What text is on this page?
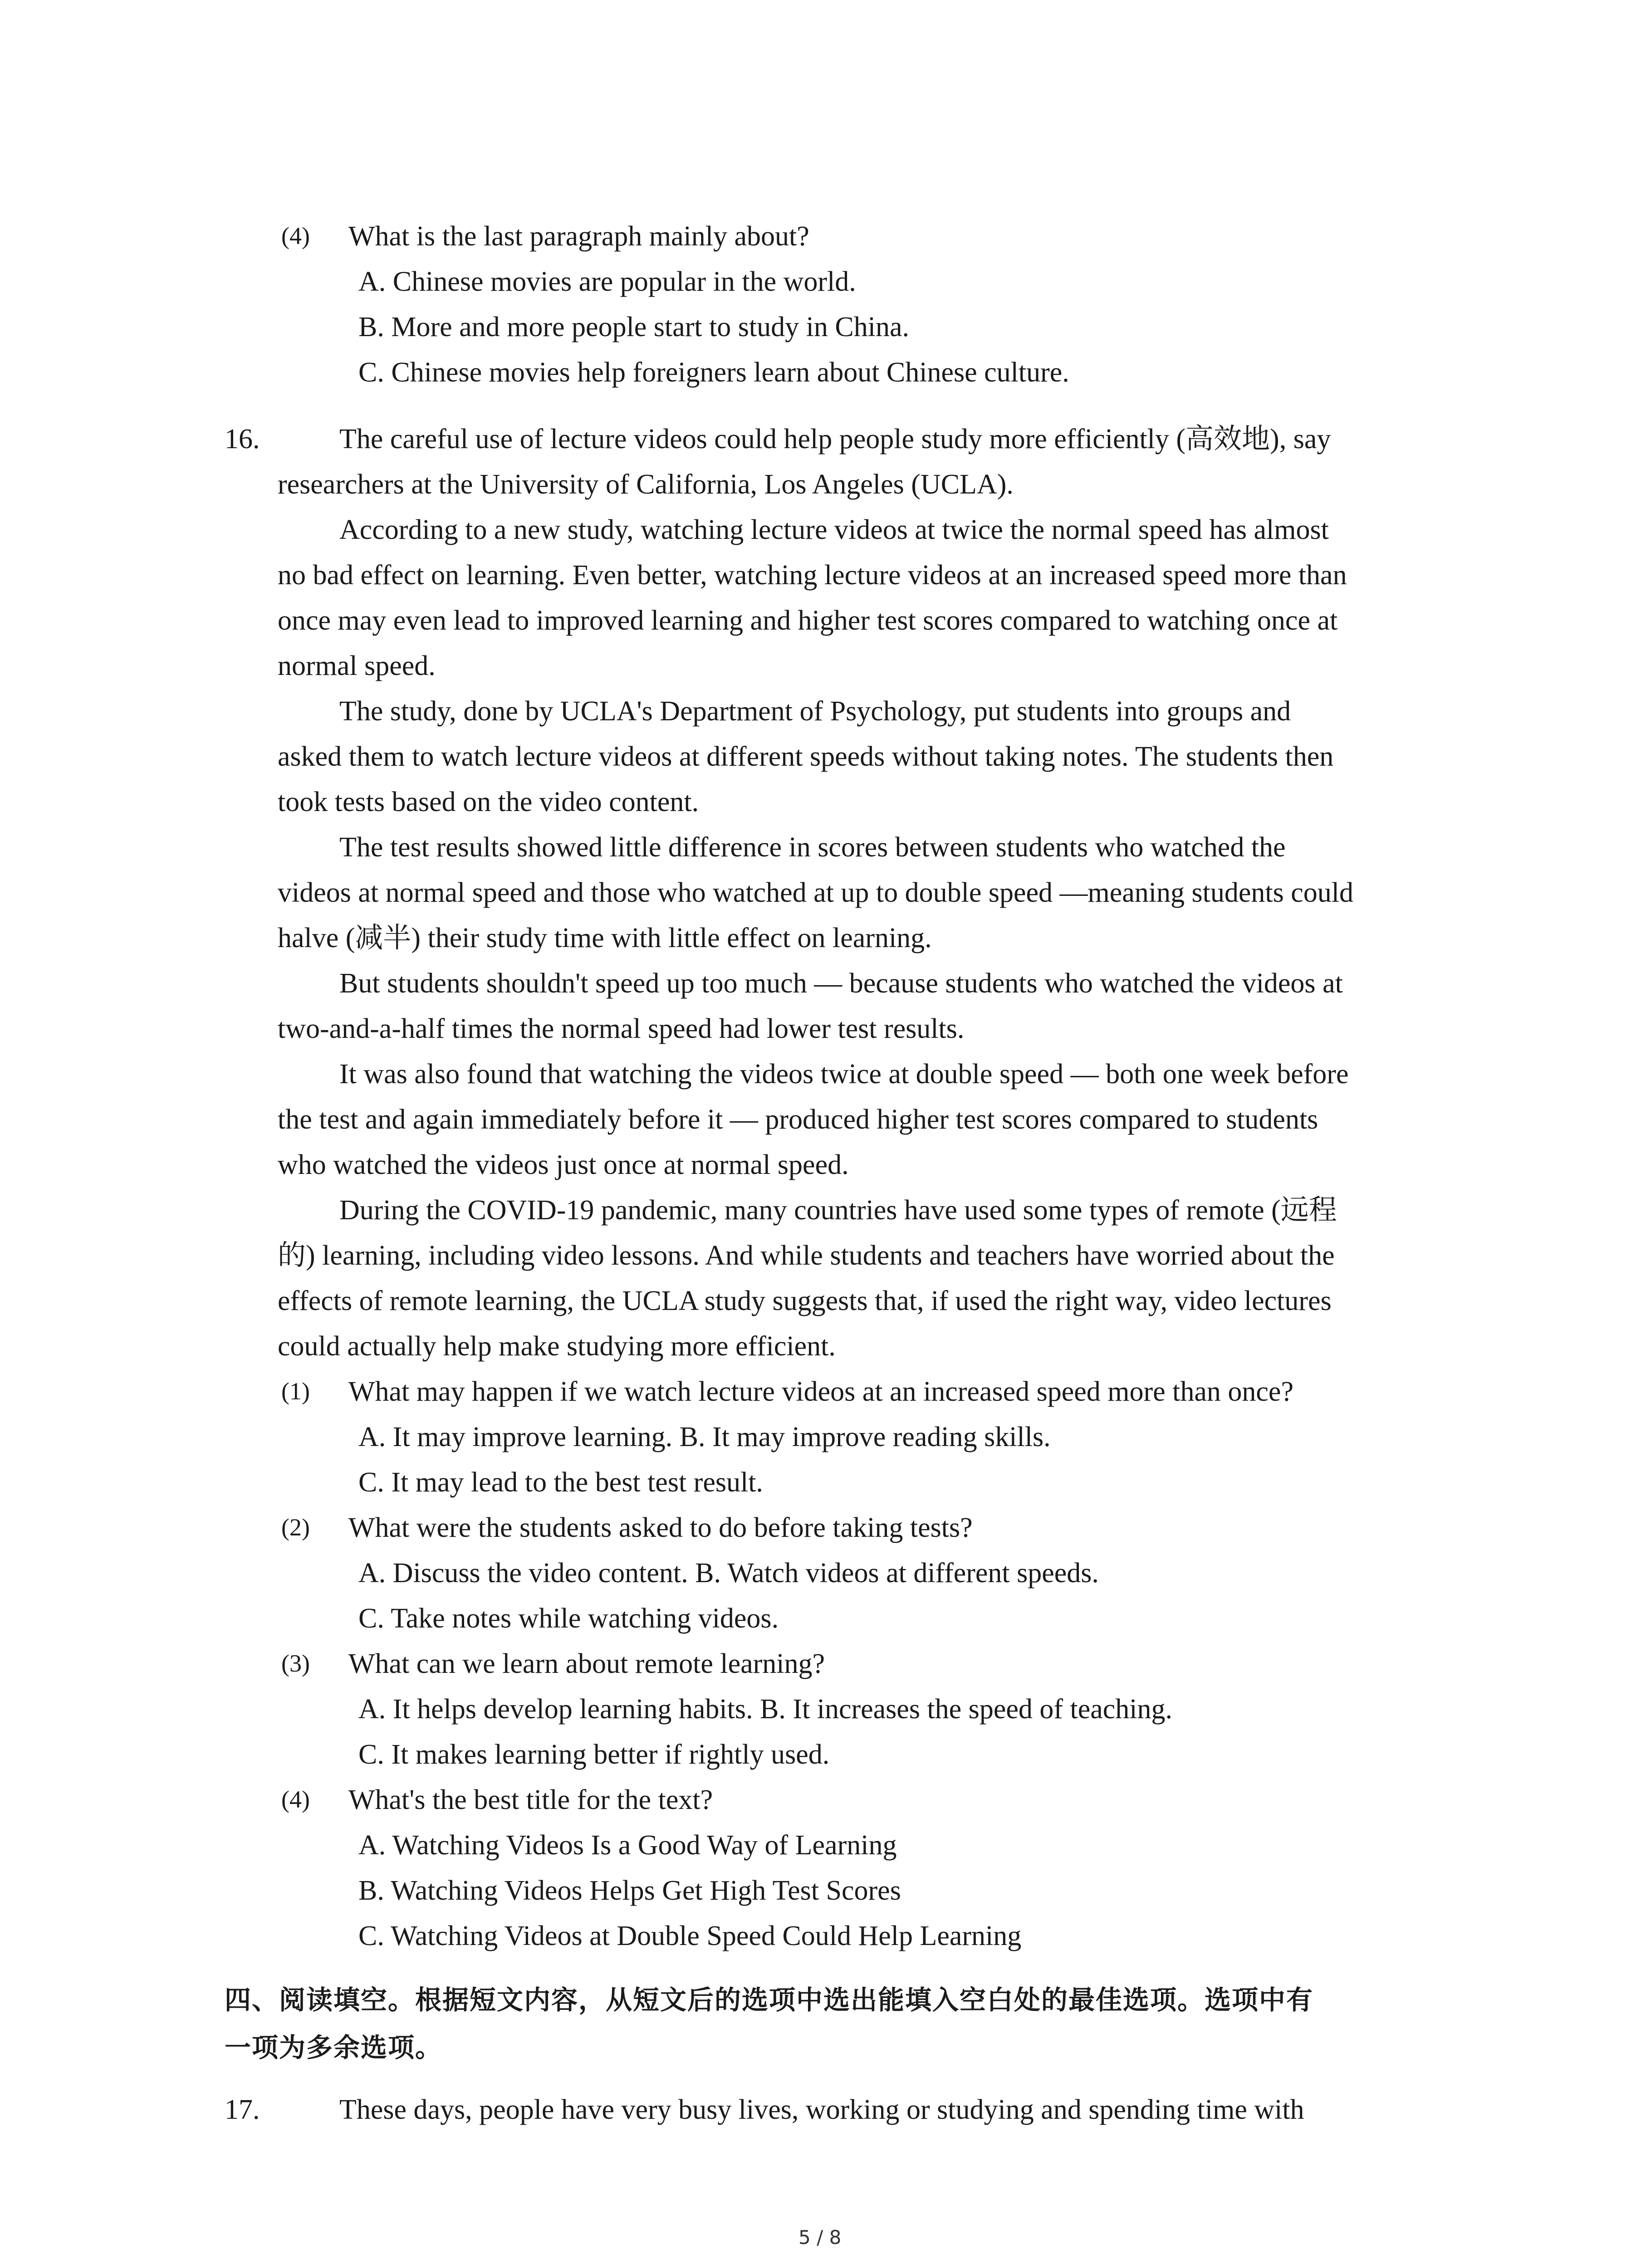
(4) What is the last paragraph mainly about?
A. Chinese movies are popular in the world.
B. More and more people start to study in China.
C. Chinese movies help foreigners learn about Chinese culture.
16.	The careful use of lecture videos could help people study more efficiently (高效地), say
researchers at the University of California, Los Angeles (UCLA).
According to a new study, watching lecture videos at twice the normal speed has almost
no bad effect on learning. Even better, watching lecture videos at an increased speed more than
once may even lead to improved learning and higher test scores compared to watching once at
normal speed.
The study, done by UCLA's Department of Psychology, put students into groups and
asked them to watch lecture videos at different speeds without taking notes. The students then
took tests based on the video content.
The test results showed little difference in scores between students who watched the
videos at normal speed and those who watched at up to double speed —meaning students could
halve (减半) their study time with little effect on learning.
But students shouldn't speed up too much — because students who watched the videos at
two-and-a-half times the normal speed had lower test results.
It was also found that watching the videos twice at double speed — both one week before
the test and again immediately before it — produced higher test scores compared to students
who watched the videos just once at normal speed.
During the COVID-19 pandemic, many countries have used some types of remote (远程
的) learning, including video lessons. And while students and teachers have worried about the
effects of remote learning, the UCLA study suggests that, if used the right way, video lectures
could actually help make studying more efficient.
(1) What may happen if we watch lecture videos at an increased speed more than once?
A. It may improve learning. B. It may improve reading skills.
C. It may lead to the best test result.
(2) What were the students asked to do before taking tests?
A. Discuss the video content. B. Watch videos at different speeds.
C. Take notes while watching videos.
(3) What can we learn about remote learning?
A. It helps develop learning habits. B. It increases the speed of teaching.
C. It makes learning better if rightly used.
(4) What's the best title for the text?
A. Watching Videos Is a Good Way of Learning
B. Watching Videos Helps Get High Test Scores
C. Watching Videos at Double Speed Could Help Learning
四、阅读填空。根据短文内容，从短文后的选项中选出能填入空白处的最佳选项。选项中有
一项为多余选项。
17.	These days, people have very busy lives, working or studying and spending time with
5 / 8
